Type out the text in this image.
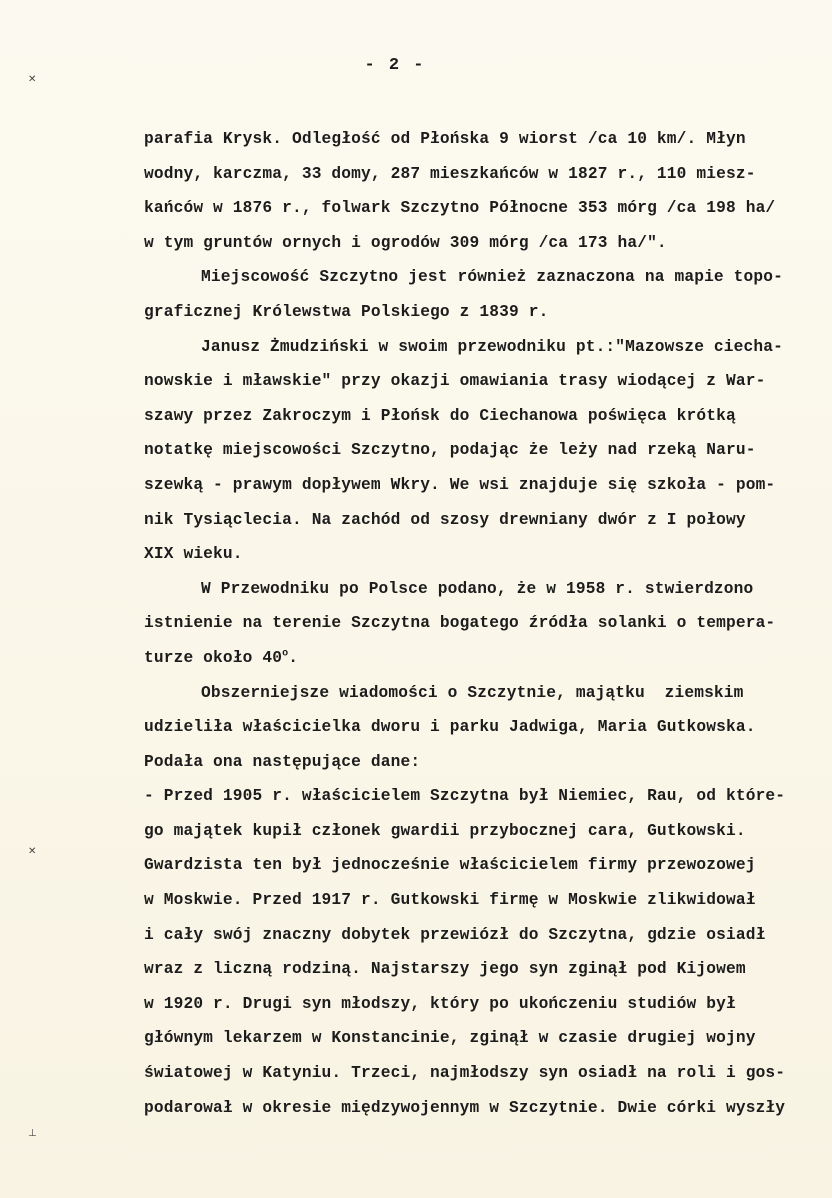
✕
✕
⊥
- 2 -
parafia Krysk. Odległość od Płońska 9 wiorst /ca 10 km/. Młyn
wodny, karczma, 33 domy, 287 mieszkańców w 1827 r., 110 miesz-
kańców w 1876 r., folwark Szczytno Północne 353 mórg /ca 198 ha/
w tym gruntów ornych i ogrodów 309 mórg /ca 173 ha/".
Miejscowość Szczytno jest również zaznaczona na mapie topo-
graficznej Królewstwa Polskiego z 1839 r.
Janusz Żmudziński w swoim przewodniku pt.:"Mazowsze ciecha-
nowskie i mławskie" przy okazji omawiania trasy wiodącej z War-
szawy przez Zakroczym i Płońsk do Ciechanowa poświęca krótką
notatkę miejscowości Szczytno, podając że leży nad rzeką Naru-
szewką - prawym dopływem Wkry. We wsi znajduje się szkoła - pom-
nik Tysiąclecia. Na zachód od szosy drewniany dwór z I połowy
XIX wieku.
W Przewodniku po Polsce podano, że w 1958 r. stwierdzono
istnienie na terenie Szczytna bogatego źródła solanki o tempera-
turze około 40$^o$.
Obszerniejsze wiadomości o Szczytnie, majątku  ziemskim
udzieliła właścicielka dworu i parku Jadwiga, Maria Gutkowska.
Podała ona następujące dane:
- Przed 1905 r. właścicielem Szczytna był Niemiec, Rau, od które-
go majątek kupił członek gwardii przybocznej cara, Gutkowski.
Gwardzista ten był jednocześnie właścicielem firmy przewozowej
w Moskwie. Przed 1917 r. Gutkowski firmę w Moskwie zlikwidował
i cały swój znaczny dobytek przewiózł do Szczytna, gdzie osiadł
wraz z liczną rodziną. Najstarszy jego syn zginął pod Kijowem
w 1920 r. Drugi syn młodszy, który po ukończeniu studiów był
głównym lekarzem w Konstancinie, zginął w czasie drugiej wojny
światowej w Katyniu. Trzeci, najmłodszy syn osiadł na roli i gos-
podarował w okresie międzywojennym w Szczytnie. Dwie córki wyszły
